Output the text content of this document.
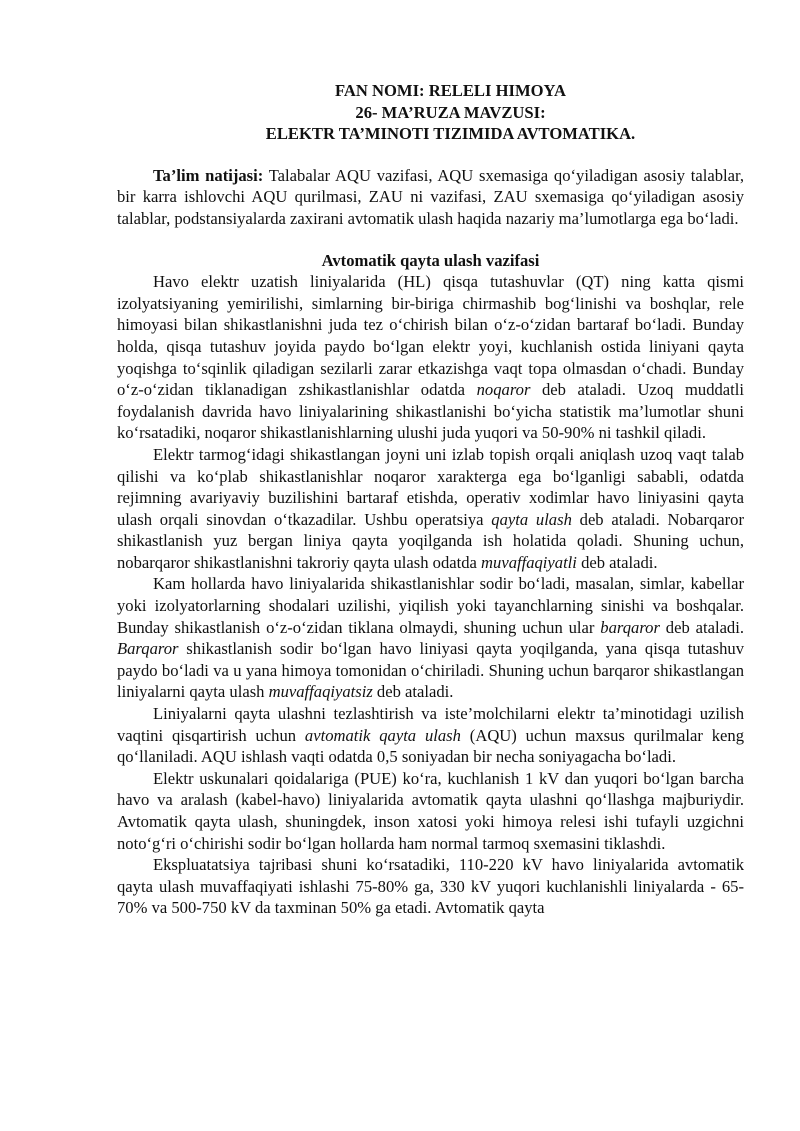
FAN NOMI: RELELI HIMOYA
26- MA’RUZA MAVZUSI:
ELEKTR TA’MINOTI TIZIMIDA AVTOMATIKA.

Ta’lim natijasi: Talabalar AQU vazifasi, AQU sxemasiga qo‘yiladigan asosiy talablar, bir karra ishlovchi AQU qurilmasi, ZAU ni vazifasi, ZAU sxemasiga qo‘yiladigan asosiy talablar, podstansiyalarda zaxirani avtomatik ulash haqida nazariy ma’lumotlarga ega bo‘ladi.

Avtomatik qayta ulash vazifasi

Havo elektr uzatish liniyalarida (HL) qisqa tutashuvlar (QT) ning katta qismi izolyatsiyaning yemirilishi, simlarning bir-biriga chirmashib bog‘linishi va boshqlar, rele himoyasi bilan shikastlanishni juda tez o‘chirish bilan o‘z-o‘zidan bartaraf bo‘ladi. Bunday holda, qisqa tutashuv joyida paydo bo‘lgan elektr yoyi, kuchlanish ostida liniyani qayta yoqishga to‘sqinlik qiladigan sezilarli zarar etkazishga vaqt topa olmasdan o‘chadi. Bunday o‘z-o‘zidan tiklanadigan zshikastlanishlar odatda noqaror deb ataladi. Uzoq muddatli foydalanish davrida havo liniyalarining shikastlanishi bo‘yicha statistik ma’lumotlar shuni ko‘rsatadiki, noqaror shikastlanishlarning ulushi juda yuqori va 50-90% ni tashkil qiladi.

Elektr tarmog‘idagi shikastlangan joyni uni izlab topish orqali aniqlash uzoq vaqt talab qilishi va ko‘plab shikastlanishlar noqaror xarakterga ega bo‘lganligi sababli, odatda rejimning avariyaviy buzilishini bartaraf etishda, operativ xodimlar havo liniyasini qayta ulash orqali sinovdan o‘tkazadilar. Ushbu operatsiya qayta ulash deb ataladi. Nobarqaror shikastlanish yuz bergan liniya qayta yoqilganda ish holatida qoladi. Shuning uchun, nobarqaror shikastlanishni takroriy qayta ulash odatda muvaffaqiyatli deb ataladi.

Kam hollarda havo liniyalarida shikastlanishlar sodir bo‘ladi, masalan, simlar, kabellar yoki izolyatorlarning shodalari uzilishi, yiqilish yoki tayanchlarning sinishi va boshqalar. Bunday shikastlanish o‘z-o‘zidan tiklana olmaydi, shuning uchun ular barqaror deb ataladi. Barqaror shikastlanish sodir bo‘lgan havo liniyasi qayta yoqilganda, yana qisqa tutashuv paydo bo‘ladi va u yana himoya tomonidan o‘chiriladi. Shuning uchun barqaror shikastlangan liniyalarni qayta ulash muvaffaqiyatsiz deb ataladi.

Liniyalarni qayta ulashni tezlashtirish va iste’molchilarni elektr ta’minotidagi uzilish vaqtini qisqartirish uchun avtomatik qayta ulash (AQU) uchun maxsus qurilmalar keng qo‘llaniladi. AQU ishlash vaqti odatda 0,5 soniyadan bir necha soniyagacha bo‘ladi.

Elektr uskunalari qoidalariga (PUE) ko‘ra, kuchlanish 1 kV dan yuqori bo‘lgan barcha havo va aralash (kabel-havo) liniyalarida avtomatik qayta ulashni qo‘llashga majburiydir. Avtomatik qayta ulash, shuningdek, inson xatosi yoki himoya relesi ishi tufayli uzgichni noto‘g‘ri o‘chirishi sodir bo‘lgan hollarda ham normal tarmoq sxemasini tiklashdi.

Ekspluatatsiya tajribasi shuni ko‘rsatadiki, 110-220 kV havo liniyalarida avtomatik qayta ulash muvaffaqiyati ishlashi 75-80% ga, 330 kV yuqori kuchlanishli liniyalarda - 65-70% va 500-750 kV da taxminan 50% ga etadi. Avtomatik qayta
